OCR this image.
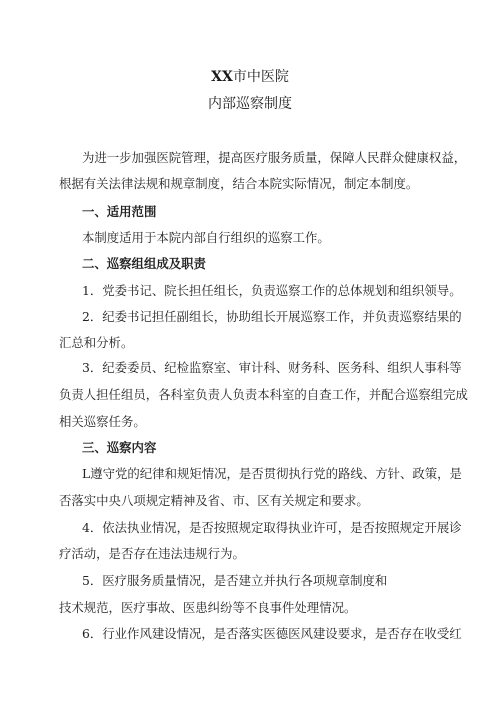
XX市中医院
内部巡察制度
为进一步加强医院管理，提高医疗服务质量，保障人民群众健康权益，
根据有关法律法规和规章制度，结合本院实际情况，制定本制度。
一、适用范围
本制度适用于本院内部自行组织的巡察工作。
二、巡察组组成及职责
1．党委书记、院长担任组长，负责巡察工作的总体规划和组织领导。
2．纪委书记担任副组长，协助组长开展巡察工作，并负责巡察结果的
汇总和分析。
3．纪委委员、纪检监察室、审计科、财务科、医务科、组织人事科等
负责人担任组员，各科室负责人负责本科室的自查工作，并配合巡察组完成
相关巡察任务。
三、巡察内容
L遵守党的纪律和规矩情况，是否贯彻执行党的路线、方针、政策，是
否落实中央八项规定精神及省、市、区有关规定和要求。
4．依法执业情况，是否按照规定取得执业许可，是否按照规定开展诊
疗活动，是否存在违法违规行为。
5．医疗服务质量情况，是否建立并执行各项规章制度和
技术规范，医疗事故、医患纠纷等不良事件处理情况。
6．行业作风建设情况，是否落实医德医风建设要求，是否存在收受红
